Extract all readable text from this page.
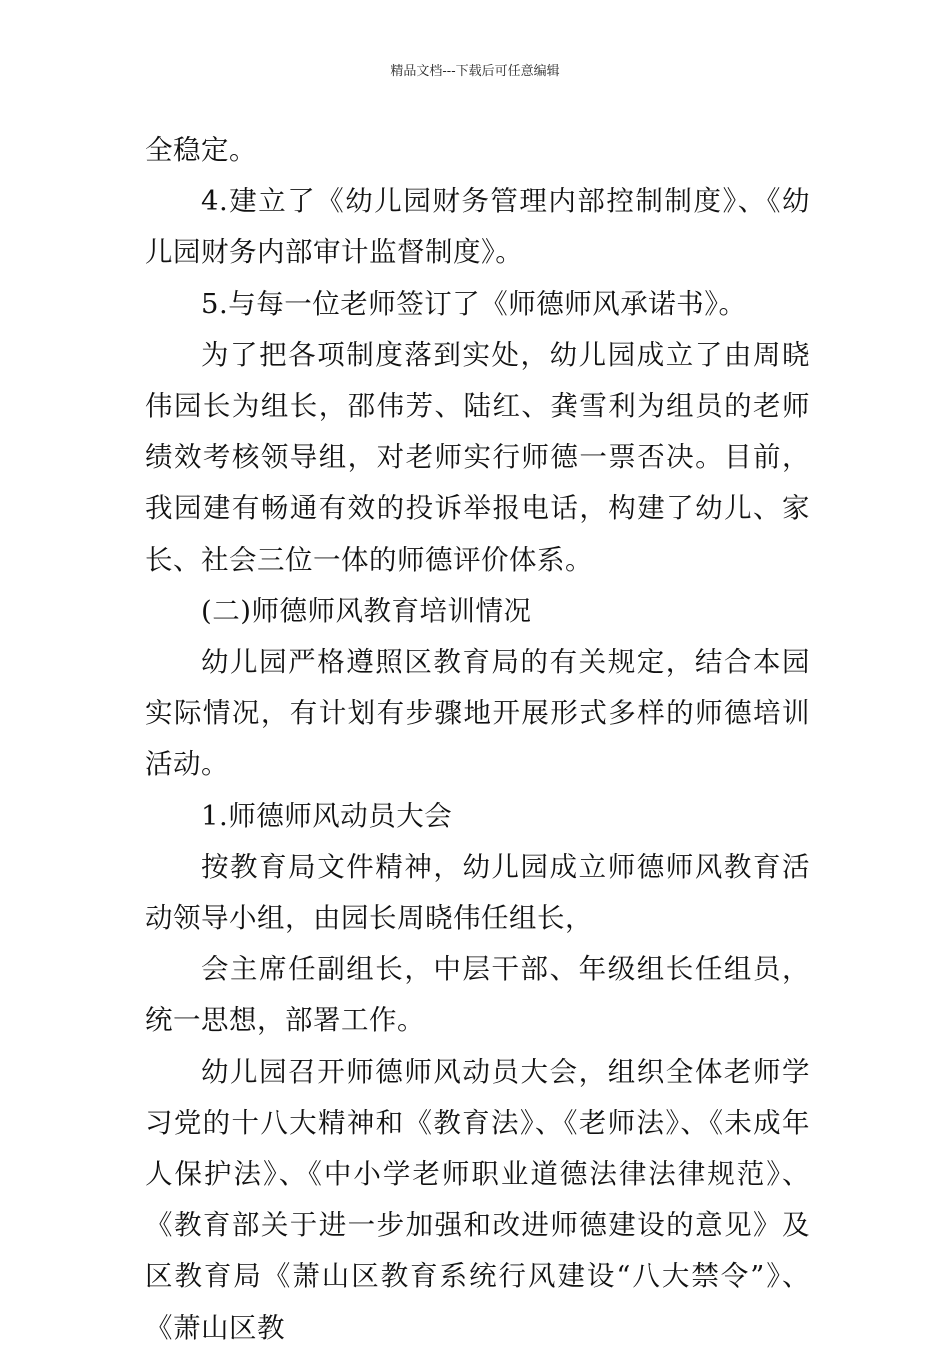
精品文档---下载后可任意编辑

全稳定。

4.建立了《幼儿园财务管理内部控制制度》、《幼儿园财务内部审计监督制度》。

5.与每一位老师签订了《师德师风承诺书》。

为了把各项制度落到实处，幼儿园成立了由周晓伟园长为组长，邵伟芳、陆红、龚雪利为组员的老师绩效考核领导组，对老师实行师德一票否决。目前，我园建有畅通有效的投诉举报电话，构建了幼儿、家长、社会三位一体的师德评价体系。

(二)师德师风教育培训情况

幼儿园严格遵照区教育局的有关规定，结合本园实际情况，有计划有步骤地开展形式多样的师德培训活动。

1.师德师风动员大会

按教育局文件精神，幼儿园成立师德师风教育活动领导小组，由园长周晓伟任组长，

会主席任副组长，中层干部、年级组长任组员，统一思想，部署工作。

幼儿园召开师德师风动员大会，组织全体老师学习党的十八大精神和《教育法》、《老师法》、《未成年人保护法》、《中小学老师职业道德法律法律规范》、《教育部关于进一步加强和改进师德建设的意见》及区教育局《萧山区教育系统行风建设“八大禁令”》、《萧山区教
